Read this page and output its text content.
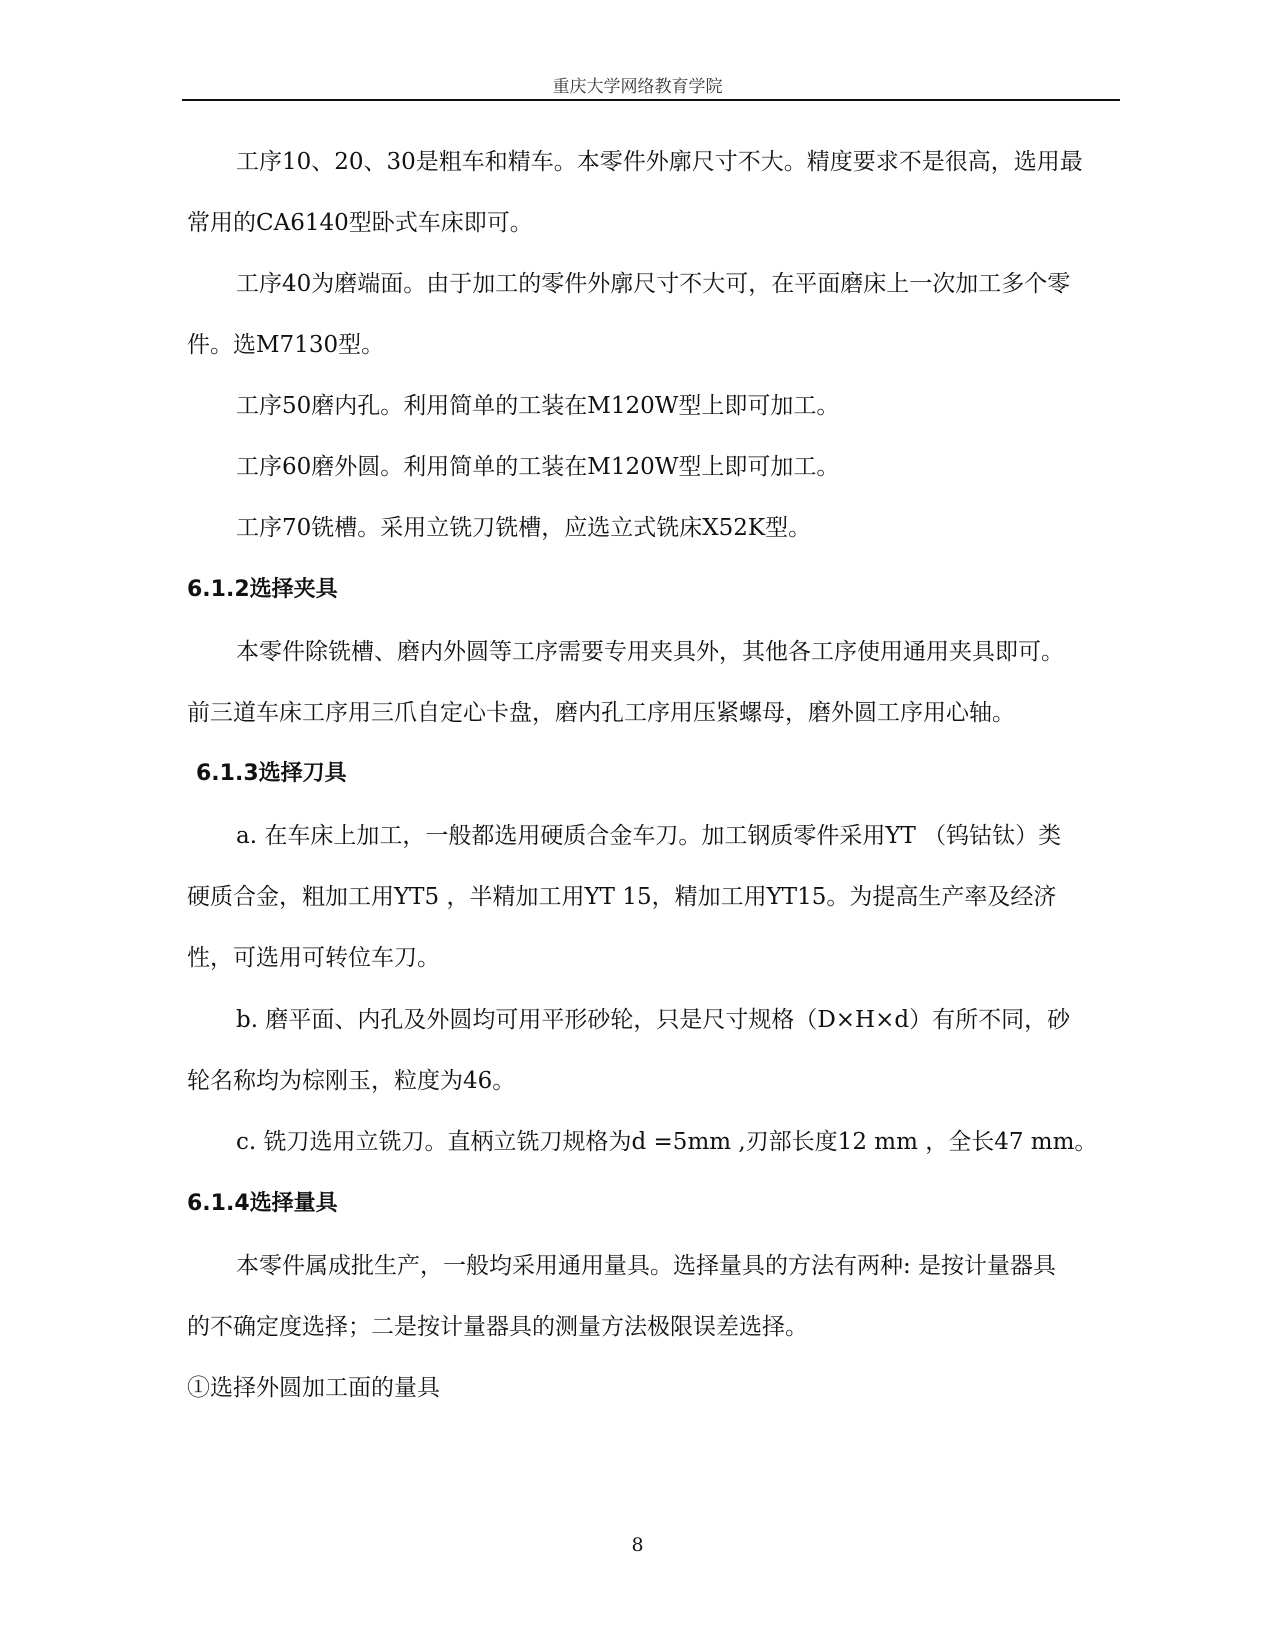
重庆大学网络教育学院
工序10、20、30是粗车和精车。本零件外廓尺寸不大。精度要求不是很高，选用最
常用的CA6140型卧式车床即可。
工序40为磨端面。由于加工的零件外廓尺寸不大可，在平面磨床上一次加工多个零
件。选M7130型。
工序50磨内孔。利用简单的工装在M120W型上即可加工。
工序60磨外圆。利用简单的工装在M120W型上即可加工。
工序70铣槽。采用立铣刀铣槽，应选立式铣床X52K型。
6.1.2选择夹具
本零件除铣槽、磨内外圆等工序需要专用夹具外，其他各工序使用通用夹具即可。
前三道车床工序用三爪自定心卡盘，磨内孔工序用压紧螺母，磨外圆工序用心轴。
6.1.3选择刀具
a. 在车床上加工，一般都选用硬质合金车刀。加工钢质零件采用YT （钨钴钛）类
硬质合金，粗加工用YT5 ，半精加工用YT 15，精加工用YT15。为提高生产率及经济
性，可选用可转位车刀。
b. 磨平面、内孔及外圆均可用平形砂轮，只是尺寸规格（D×H×d）有所不同，砂
轮名称均为棕刚玉，粒度为46。
c. 铣刀选用立铣刀。直柄立铣刀规格为d =5mm ,刃部长度12 mm ，全长47 mm。
6.1.4选择量具
本零件属成批生产，一般均采用通用量具。选择量具的方法有两种: 是按计量器具
的不确定度选择；二是按计量器具的测量方法极限误差选择。
①选择外圆加工面的量具
8
